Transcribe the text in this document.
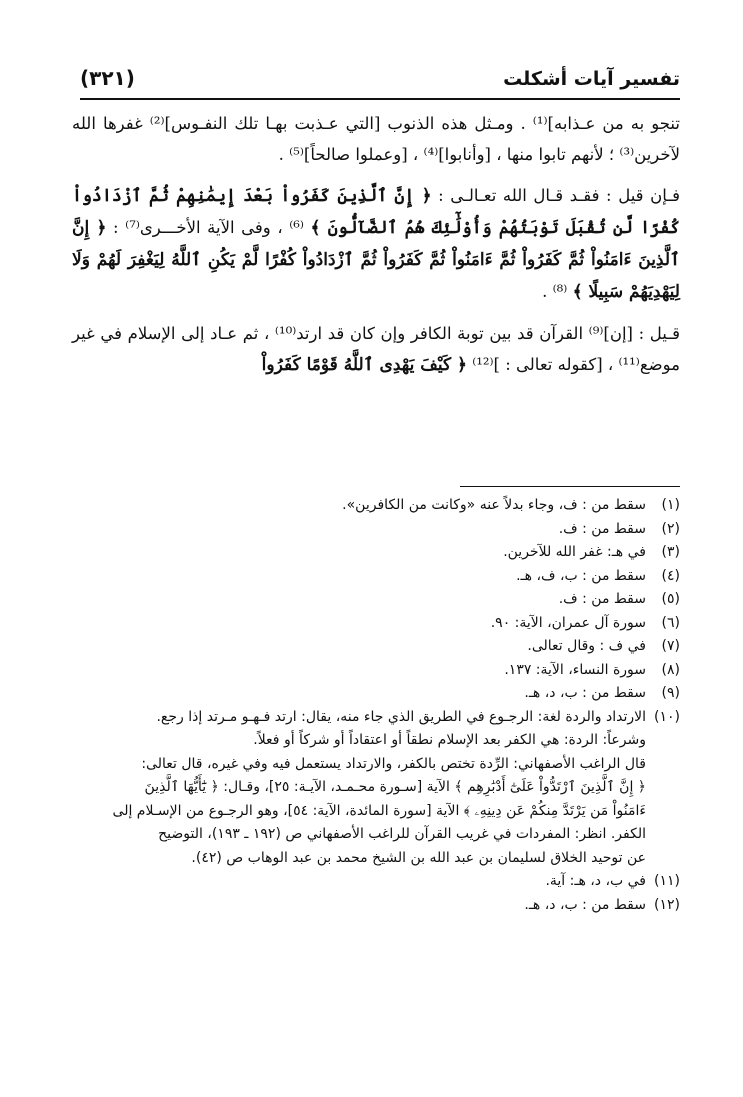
تفسير آيات أشكلت
(٣٢١)

تنجو به من عـذابه]⁽¹⁾ . ومـثل هذه الذنوب [التي عـذبت بهـا تلك النفـوس]⁽²⁾ غفرها الله لآخرين⁽³⁾ ؛ لأنهم تابوا منها ، [وأنابوا]⁽⁴⁾ ، [وعملوا صالحاً]⁽⁵⁾ .

فـإن قيل : فقـد قـال الله تعـالـى : ﴿ إِنَّ ٱلَّذِينَ كَفَرُواْ بَعْدَ إِيمَٰنِهِمْ ثُمَّ ٱزْدَادُواْ كُفْرًا لَّن تُقْبَلَ تَوْبَتُهُمْ وَأُوْلَٰٓئِكَ هُمُ ٱلضَّآلُّونَ ﴾ ⁽⁶⁾ ، وفى الآية الأخـــرى⁽⁷⁾ : ﴿ إِنَّ ٱلَّذِينَ ءَامَنُواْ ثُمَّ كَفَرُواْ ثُمَّ ءَامَنُواْ ثُمَّ كَفَرُواْ ثُمَّ ٱزْدَادُواْ كُفْرًا لَّمْ يَكُنِ ٱللَّهُ لِيَغْفِرَ لَهُمْ وَلَا لِيَهْدِيَهُمْ سَبِيلًا ﴾ ⁽⁸⁾ .

قـيل : [إن]⁽⁹⁾ القرآن قد بين توبة الكافر وإن كان قد ارتد⁽¹⁰⁾ ، ثم عـاد إلى الإسلام في غير موضع⁽¹¹⁾ ، [كقوله تعالى : ]⁽¹²⁾ ﴿ كَيْفَ يَهْدِى ٱللَّهُ قَوْمًا كَفَرُواْ

(١)
سقط من : ف، وجاء بدلاً عنه «وكانت من الكافرين».
(٢)
سقط من : ف.
(٣)
في هـ: غفر الله للآخرين.
(٤)
سقط من : ب، ف، هـ.
(٥)
سقط من : ف.
(٦)
سورة آل عمران، الآية: ٩٠.
(٧)
في ف : وقال تعالى.
(٨)
سورة النساء، الآية: ١٣٧.
(٩)
سقط من : ب، د، هـ.
(١٠)
الارتداد والردة لغة: الرجـوع في الطريق الذي جاء منه، يقال: ارتد فـهـو مـرتد إذا رجع.
وشرعاً: الردة: هي الكفر بعد الإسلام نطقاً أو اعتقاداً أو شركاً أو فعلاً.
قال الراغب الأصفهاني: الرِّدة تختص بالكفر، والارتداد يستعمل فيه وفي غيره، قال تعالى:
﴿ إِنَّ ٱلَّذِينَ ٱرْتَدُّواْ عَلَىٰٓ أَدْبَٰرِهِم ﴾ الآية [سـورة محـمـد، الآيـة: ٢٥]، وقـال: ﴿ يَٰٓأَيُّهَا ٱلَّذِينَ
ءَامَنُواْ مَن يَرْتَدَّ مِنكُمْ عَن دِينِهِۦ ﴾ الآية [سورة المائدة، الآية: ٥٤]، وهو الرجـوع من الإسـلام إلى
الكفر. انظر: المفردات في غريب القرآن للراغب الأصفهاني ص (١٩٢ ـ ١٩٣)، التوضيح
عن توحيد الخلاق لسليمان بن عبد الله بن الشيخ محمد بن عبد الوهاب ص (٤٢).
(١١)
في ب، د، هـ: آية.
(١٢)
سقط من : ب، د، هـ.
